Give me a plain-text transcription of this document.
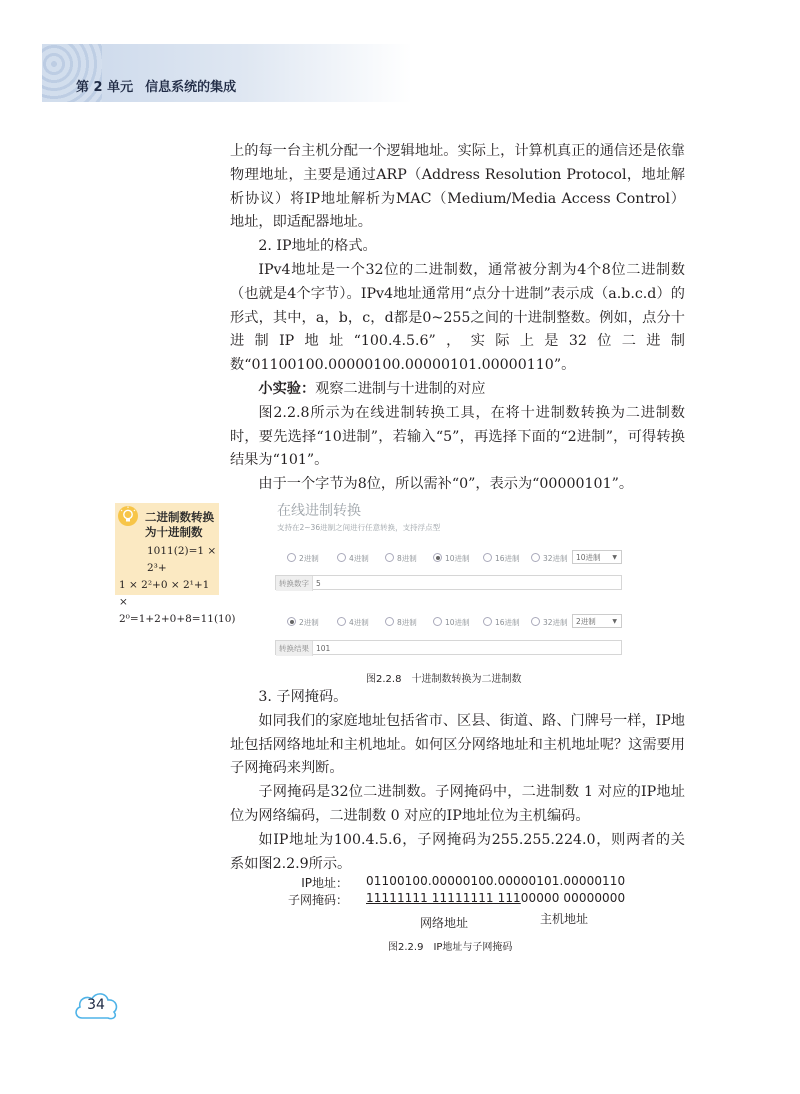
第 2 单元 信息系统的集成

上的每一台主机分配一个逻辑地址。实际上，计算机真正的通信还是依靠物理地址，主要是通过ARP（Address Resolution Protocol，地址解析协议）将IP地址解析为MAC（Medium/Media Access Control）地址，即适配器地址。

2. IP地址的格式。

IPv4地址是一个32位的二进制数，通常被分割为4个8位二进制数（也就是4个字节）。IPv4地址通常用“点分十进制”表示成（a.b.c.d）的形式，其中，a，b，c，d都是0~255之间的十进制整数。例如，点分十进制IP地址“100.4.5.6”，实际上是32位二进制数“01100100.00000100.00000101.00000110”。

小实验：观察二进制与十进制的对应

图2.2.8所示为在线进制转换工具，在将十进制数转换为二进制数时，要先选择“10进制”，若输入“5”，再选择下面的“2进制”，可得转换结果为“101”。

由于一个字节为8位，所以需补“0”，表示为“00000101”。

二进制数转换
为十进制数
1011(2)=1 × 2³+
1 × 2²+0 × 2¹+1 ×
2⁰=1+2+0+8=11(10)
在线进制转换
支持在2~36进制之间进行任意转换，支持浮点型
2进制	4进制	8进制	10进制	16进制	32进制	10进制 ▼
转换数字 5
2进制	4进制	8进制	10进制	16进制	32进制	2进制	▼
转换结果 101
图2.2.8　十进制数转换为二进制数

3. 子网掩码。

如同我们的家庭地址包括省市、区县、街道、路、门牌号一样，IP地址包括网络地址和主机地址。如何区分网络地址和主机地址呢？这需要用子网掩码来判断。

子网掩码是32位二进制数。子网掩码中，二进制数 1 对应的IP地址位为网络编码，二进制数 0 对应的IP地址位为主机编码。

如IP地址为100.4.5.6，子网掩码为255.255.224.0，则两者的关系如图2.2.9所示。

IP地址： 01100100.00000100.00000101.00000110
子网掩码： 11111111 11111111 11100000 00000000
网络地址	主机地址
图2.2.9　IP地址与子网掩码
34
